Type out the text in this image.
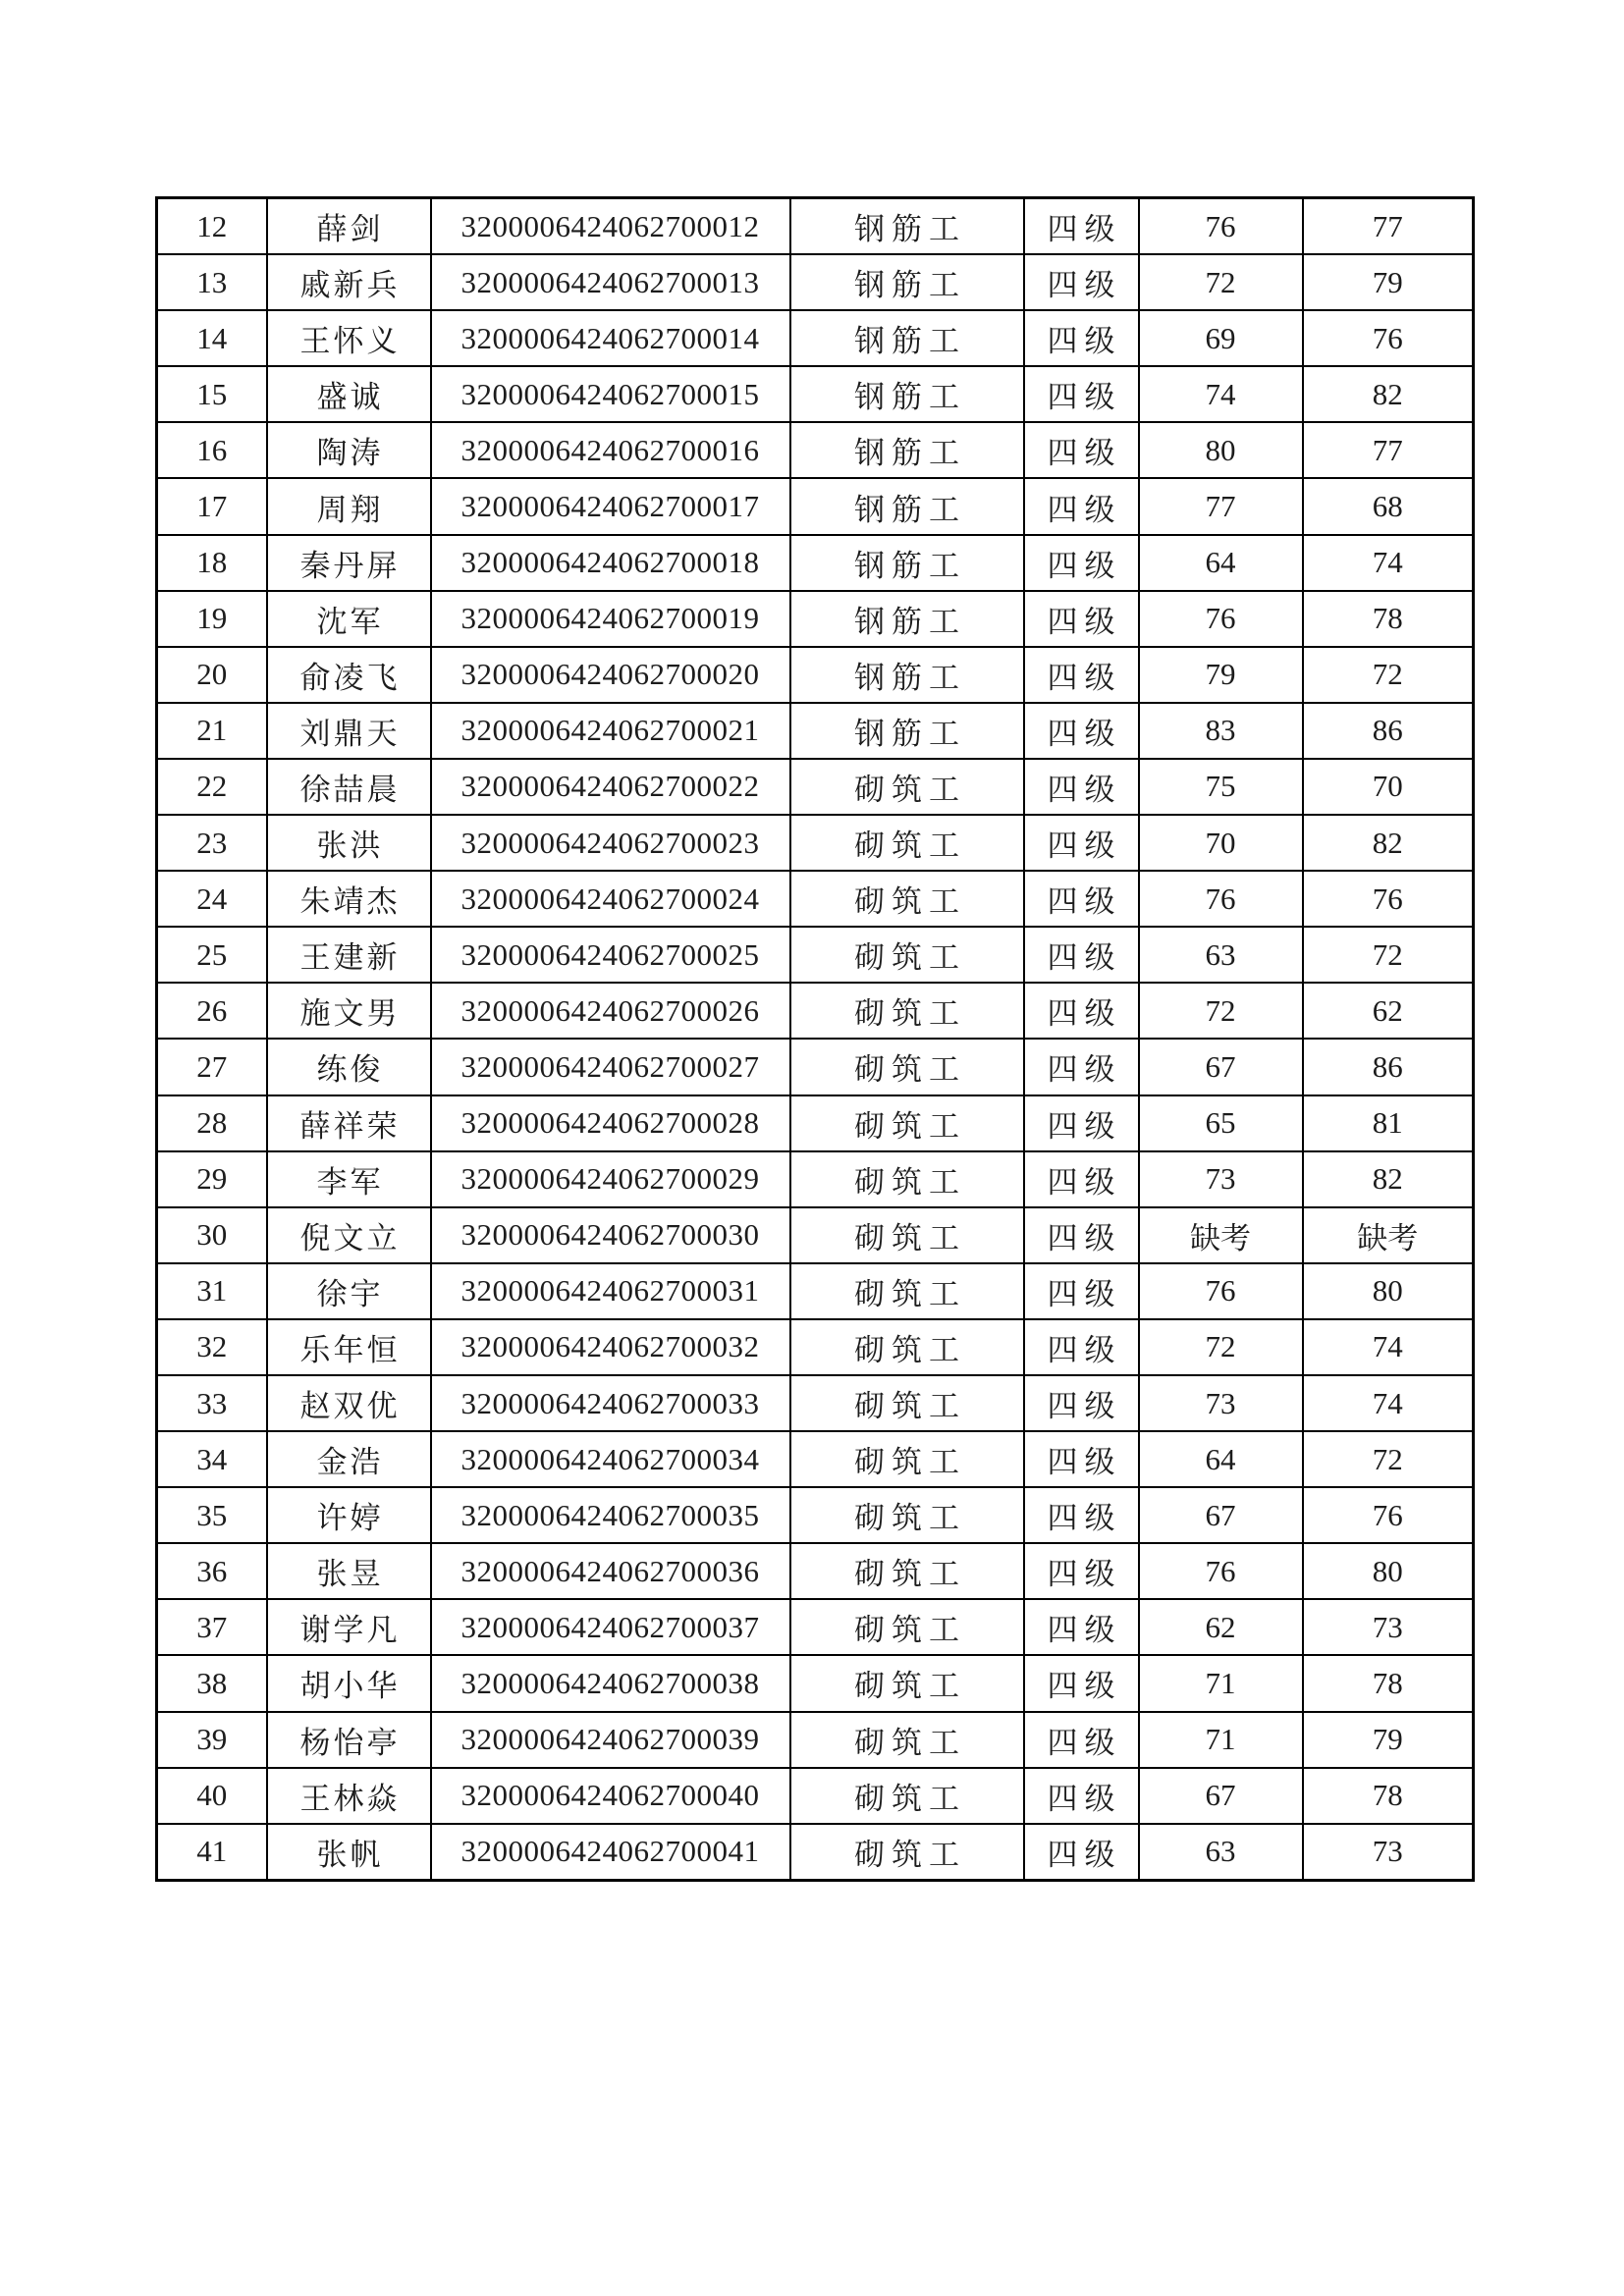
12	薛剑	3200006424062700012	钢筋工	四级	76	77
13	戚新兵	3200006424062700013	钢筋工	四级	72	79
14	王怀义	3200006424062700014	钢筋工	四级	69	76
15	盛诚	3200006424062700015	钢筋工	四级	74	82
16	陶涛	3200006424062700016	钢筋工	四级	80	77
17	周翔	3200006424062700017	钢筋工	四级	77	68
18	秦丹屏	3200006424062700018	钢筋工	四级	64	74
19	沈军	3200006424062700019	钢筋工	四级	76	78
20	俞凌飞	3200006424062700020	钢筋工	四级	79	72
21	刘鼎天	3200006424062700021	钢筋工	四级	83	86
22	徐喆晨	3200006424062700022	砌筑工	四级	75	70
23	张洪	3200006424062700023	砌筑工	四级	70	82
24	朱靖杰	3200006424062700024	砌筑工	四级	76	76
25	王建新	3200006424062700025	砌筑工	四级	63	72
26	施文男	3200006424062700026	砌筑工	四级	72	62
27	练俊	3200006424062700027	砌筑工	四级	67	86
28	薛祥荣	3200006424062700028	砌筑工	四级	65	81
29	李军	3200006424062700029	砌筑工	四级	73	82
30	倪文立	3200006424062700030	砌筑工	四级	缺考	缺考
31	徐宇	3200006424062700031	砌筑工	四级	76	80
32	乐年恒	3200006424062700032	砌筑工	四级	72	74
33	赵双优	3200006424062700033	砌筑工	四级	73	74
34	金浩	3200006424062700034	砌筑工	四级	64	72
35	许婷	3200006424062700035	砌筑工	四级	67	76
36	张昱	3200006424062700036	砌筑工	四级	76	80
37	谢学凡	3200006424062700037	砌筑工	四级	62	73
38	胡小华	3200006424062700038	砌筑工	四级	71	78
39	杨怡亭	3200006424062700039	砌筑工	四级	71	79
40	王林焱	3200006424062700040	砌筑工	四级	67	78
41	张帆	3200006424062700041	砌筑工	四级	63	73
